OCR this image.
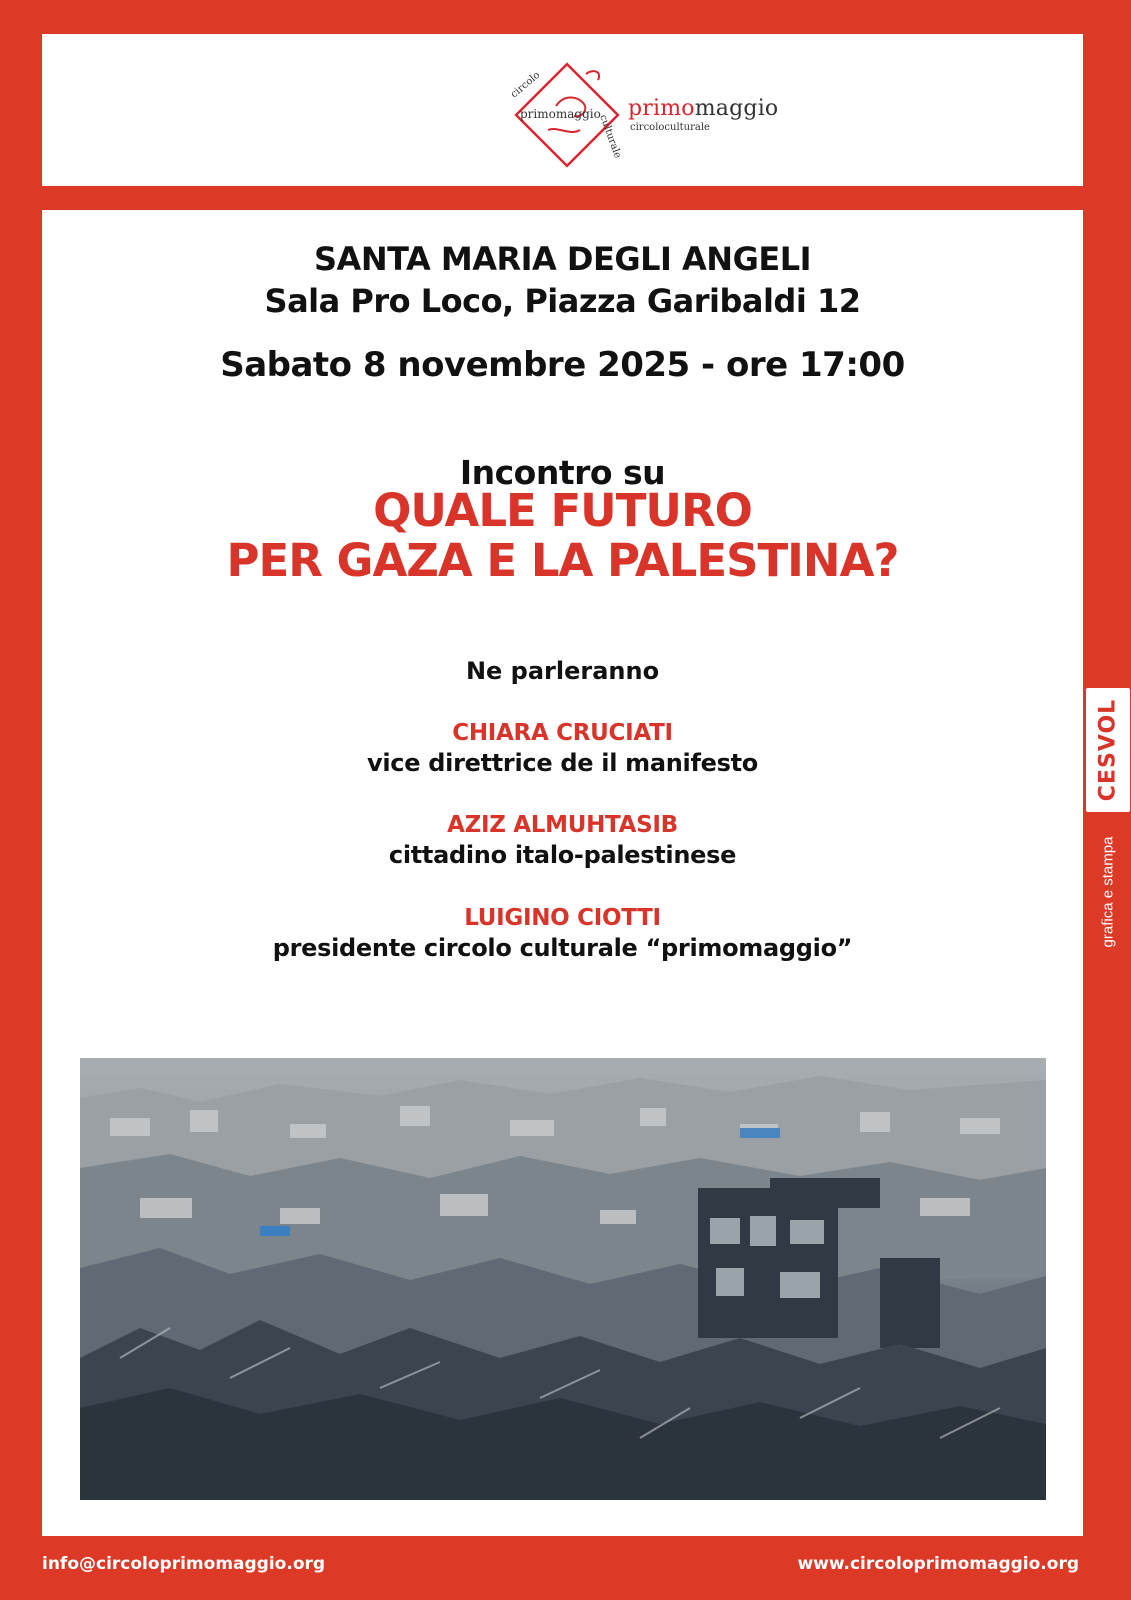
circolo
primomaggio
culturale
primomaggio
circoloculturale
SANTA MARIA DEGLI ANGELI
Sala Pro Loco, Piazza Garibaldi 12
Sabato 8 novembre 2025 - ore 17:00
Incontro su
QUALE FUTURO
PER GAZA E LA PALESTINA?
Ne parleranno
CHIARA CRUCIATI
vice direttrice de il manifesto
AZIZ ALMUHTASIB
cittadino italo-palestinese
LUIGINO CIOTTI
presidente circolo culturale “primomaggio”
CESVOL
grafica e stampa
info@circoloprimomaggio.org	www.circoloprimomaggio.org
